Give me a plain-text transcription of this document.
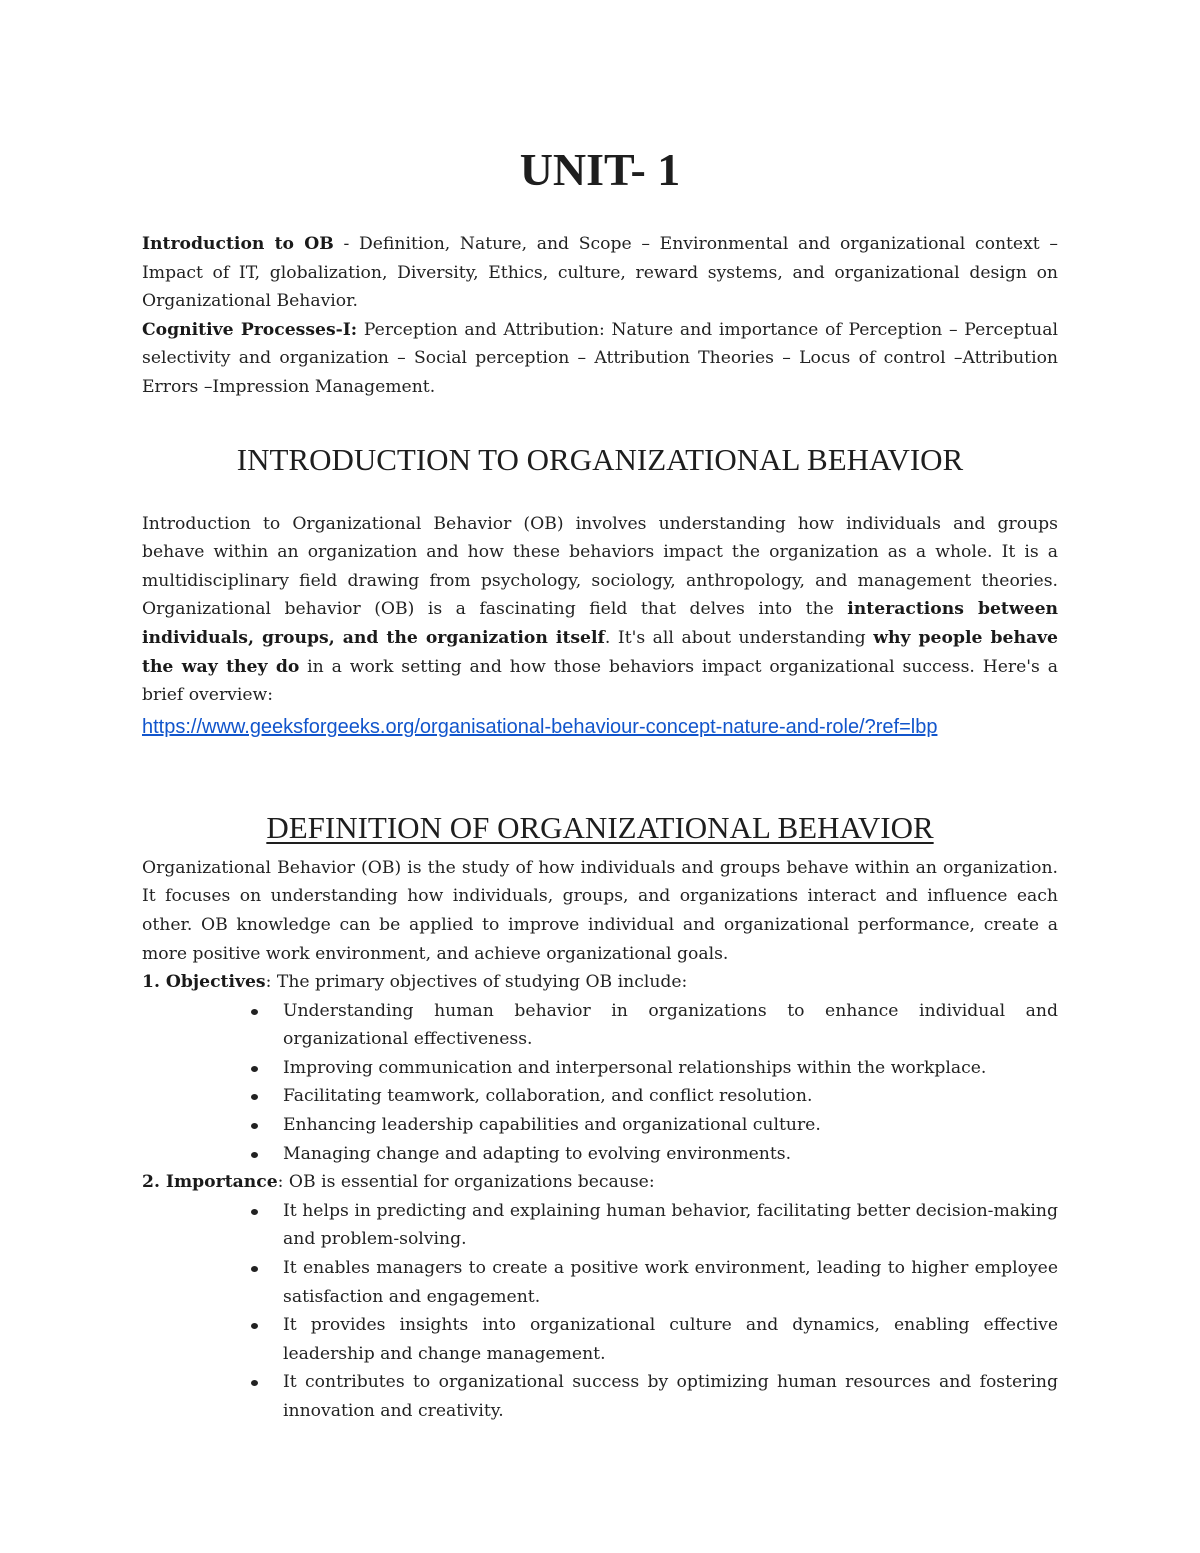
UNIT- 1

Introduction to OB - Definition, Nature, and Scope – Environmental and organizational context – Impact of IT, globalization, Diversity, Ethics, culture, reward systems, and organizational design on Organizational Behavior.

Cognitive Processes-I: Perception and Attribution: Nature and importance of Perception – Perceptual selectivity and organization – Social perception – Attribution Theories – Locus of control –Attribution Errors –Impression Management.

INTRODUCTION TO ORGANIZATIONAL BEHAVIOR

Introduction to Organizational Behavior (OB) involves understanding how individuals and groups behave within an organization and how these behaviors impact the organization as a whole. It is a multidisciplinary field drawing from psychology, sociology, anthropology, and management theories. Organizational behavior (OB) is a fascinating field that delves into the interactions between individuals, groups, and the organization itself. It's all about understanding why people behave the way they do in a work setting and how those behaviors impact organizational success. Here's a brief overview:

https://www.geeksforgeeks.org/organisational-behaviour-concept-nature-and-role/?ref=lbp
DEFINITION OF ORGANIZATIONAL BEHAVIOR

Organizational Behavior (OB) is the study of how individuals and groups behave within an organization. It focuses on understanding how individuals, groups, and organizations interact and influence each other. OB knowledge can be applied to improve individual and organizational performance, create a more positive work environment, and achieve organizational goals.

1. Objectives: The primary objectives of studying OB include:

Understanding human behavior in organizations to enhance individual and organizational effectiveness.
Improving communication and interpersonal relationships within the workplace.
Facilitating teamwork, collaboration, and conflict resolution.
Enhancing leadership capabilities and organizational culture.
Managing change and adapting to evolving environments.

2. Importance: OB is essential for organizations because:

It helps in predicting and explaining human behavior, facilitating better decision-making and problem-solving.
It enables managers to create a positive work environment, leading to higher employee satisfaction and engagement.
It provides insights into organizational culture and dynamics, enabling effective leadership and change management.
It contributes to organizational success by optimizing human resources and fostering innovation and creativity.
